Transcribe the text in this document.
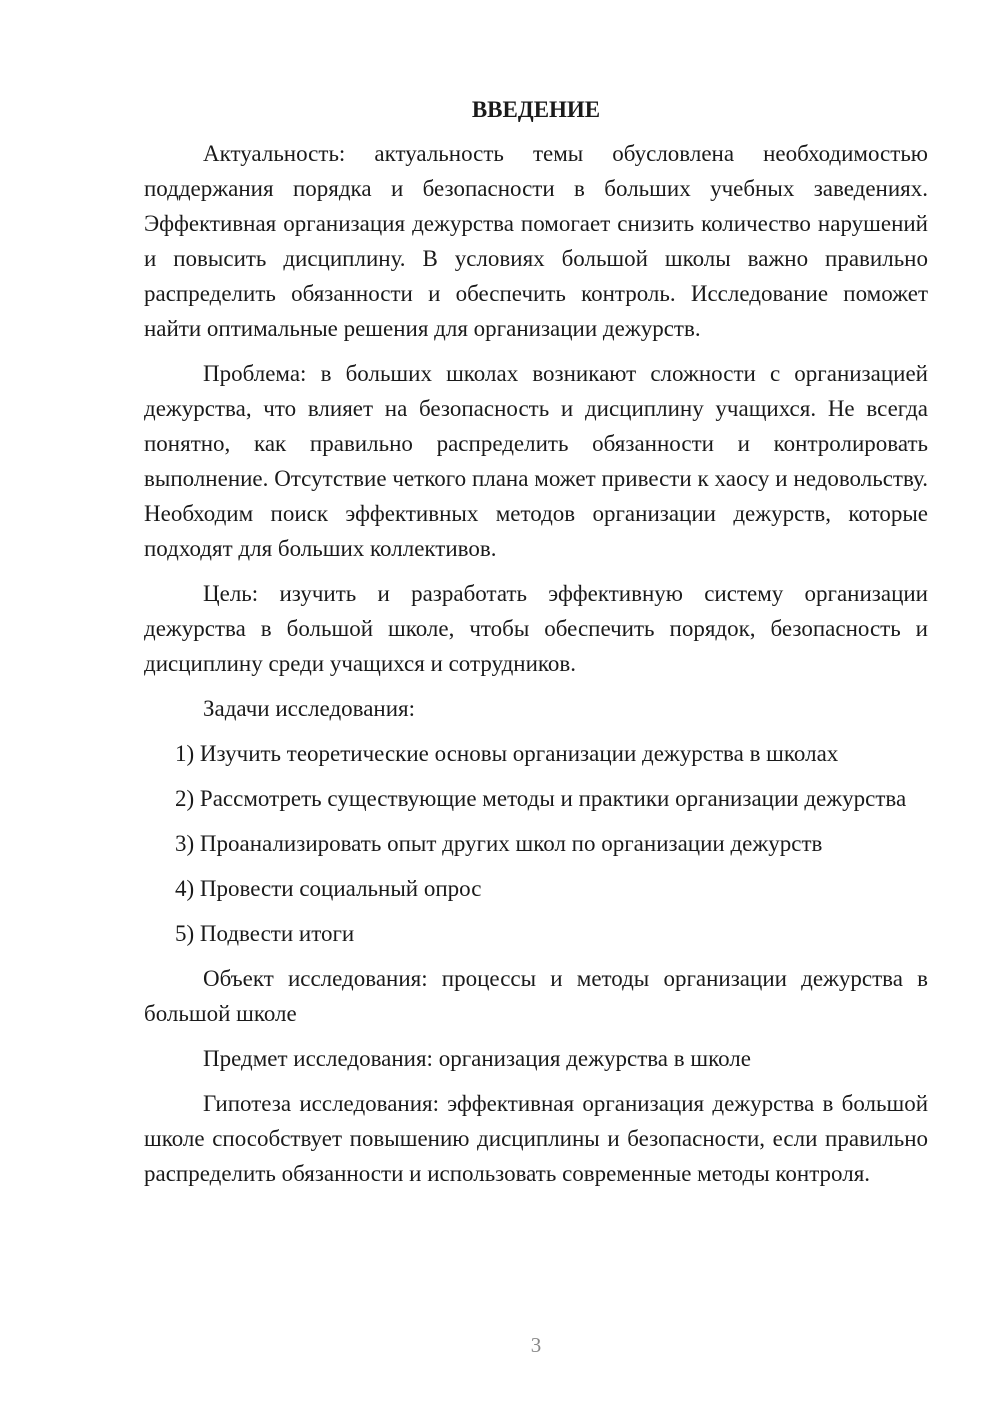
ВВЕДЕНИЕ

Актуальность: актуальность темы обусловлена необходимостью поддержания порядка и безопасности в больших учебных заведениях. Эффективная организация дежурства помогает снизить количество нарушений и повысить дисциплину. В условиях большой школы важно правильно распределить обязанности и обеспечить контроль. Исследование поможет найти оптимальные решения для организации дежурств.

Проблема: в больших школах возникают сложности с организацией дежурства, что влияет на безопасность и дисциплину учащихся. Не всегда понятно, как правильно распределить обязанности и контролировать выполнение. Отсутствие четкого плана может привести к хаосу и недовольству. Необходим поиск эффективных методов организации дежурств, которые подходят для больших коллективов.

Цель: изучить и разработать эффективную систему организации дежурства в большой школе, чтобы обеспечить порядок, безопасность и дисциплину среди учащихся и сотрудников.

Задачи исследования:

1) Изучить теоретические основы организации дежурства в школах

2) Рассмотреть существующие методы и практики организации дежурства

3) Проанализировать опыт других школ по организации дежурств

4) Провести социальный опрос

5) Подвести итоги

Объект исследования: процессы и методы организации дежурства в большой школе

Предмет исследования: организация дежурства в школе

Гипотеза исследования: эффективная организация дежурства в большой школе способствует повышению дисциплины и безопасности, если правильно распределить обязанности и использовать современные методы контроля.

3
